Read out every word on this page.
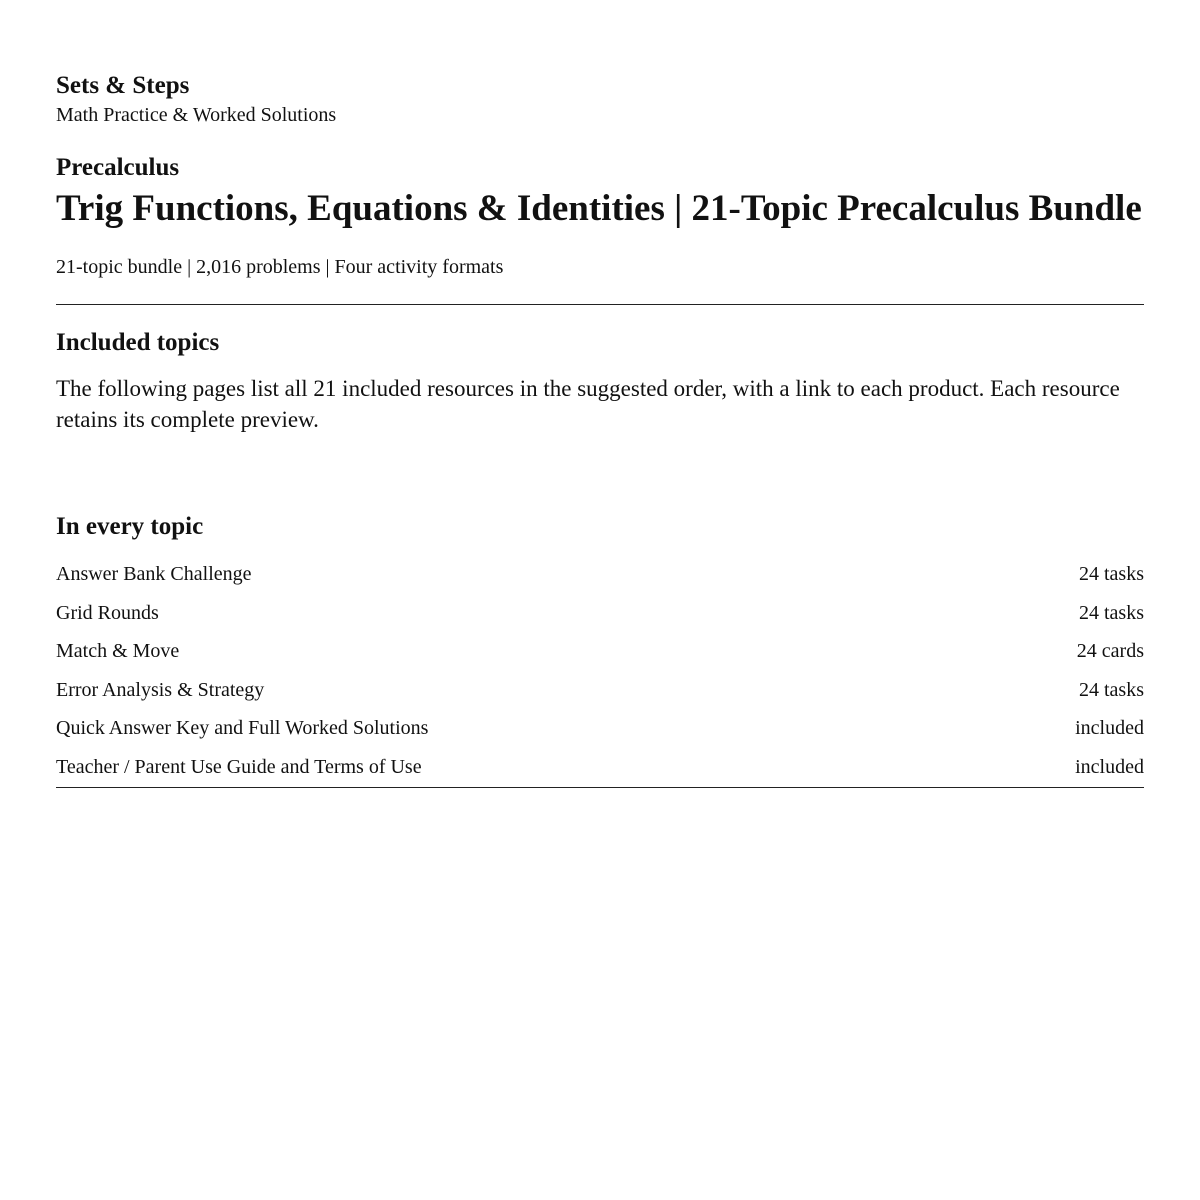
Sets & Steps

Math Practice & Worked Solutions

Precalculus

Trig Functions, Equations & Identities | 21-Topic Precalculus Bundle

21-topic bundle | 2,016 problems | Four activity formats

Included topics

The following pages list all 21 included resources in the suggested order, with a link to each product. Each resource retains its complete preview.

In every topic
Answer Bank Challenge	24 tasks
Grid Rounds	24 tasks
Match & Move	24 cards
Error Analysis & Strategy	24 tasks
Quick Answer Key and Full Worked Solutions	included
Teacher / Parent Use Guide and Terms of Use	included
